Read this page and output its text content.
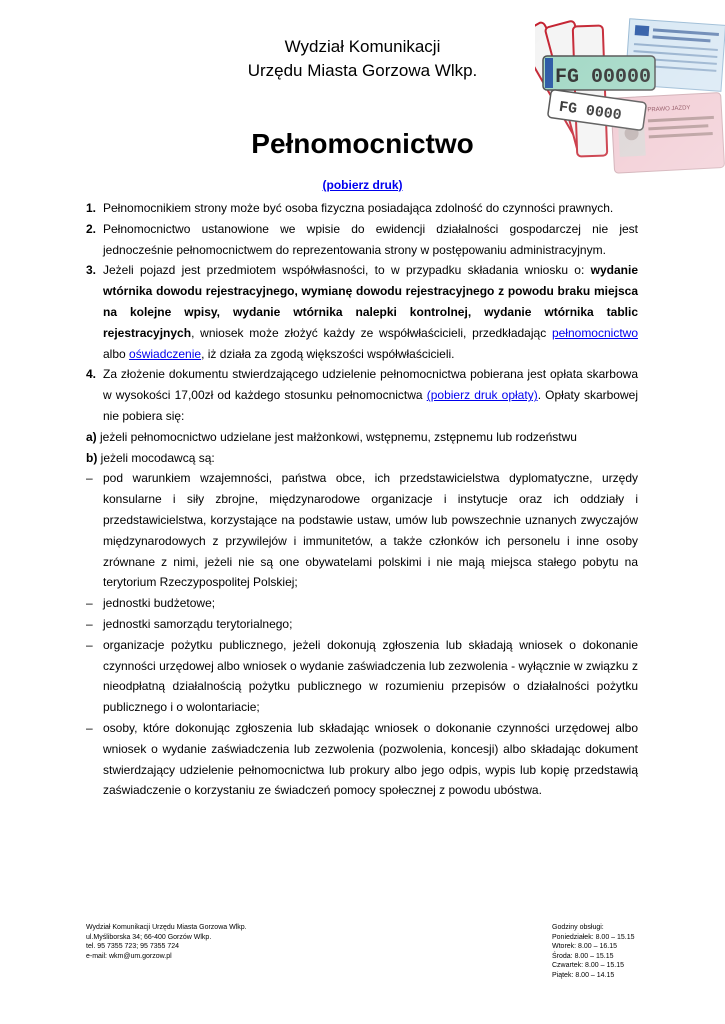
Wydział Komunikacji
Urzędu Miasta Gorzowa Wlkp.
Pełnomocnictwo
(pobierz druk)
1. Pełnomocnikiem strony może być osoba fizyczna posiadająca zdolność do czynności prawnych.
2. Pełnomocnictwo ustanowione we wpisie do ewidencji działalności gospodarczej nie jest jednocześnie pełnomocnictwem do reprezentowania strony w postępowaniu administracyjnym.
3. Jeżeli pojazd jest przedmiotem współwłasności, to w przypadku składania wniosku o: wydanie wtórnika dowodu rejestracyjnego, wymianę dowodu rejestracyjnego z powodu braku miejsca na kolejne wpisy, wydanie wtórnika nalepki kontrolnej, wydanie wtórnika tablic rejestracyjnych, wniosek może złożyć każdy ze współwłaścicieli, przedkładając pełnomocnictwo albo oświadczenie, iż działa za zgodą większości współwłaścicieli.
4. Za złożenie dokumentu stwierdzającego udzielenie pełnomocnictwa pobierana jest opłata skarbowa w wysokości 17,00zł od każdego stosunku pełnomocnictwa (pobierz druk opłaty). Opłaty skarbowej nie pobiera się:
a) jeżeli pełnomocnictwo udzielane jest małżonkowi, wstępnemu, zstępnemu lub rodzeństwu
b) jeżeli mocodawcą są:
– pod warunkiem wzajemności, państwa obce, ich przedstawicielstwa dyplomatyczne, urzędy konsularne i siły zbrojne, międzynarodowe organizacje i instytucje oraz ich oddziały i przedstawicielstwa, korzystające na podstawie ustaw, umów lub powszechnie uznanych zwyczajów międzynarodowych z przywilejów i immunitetów, a także członków ich personelu i inne osoby zrównane z nimi, jeżeli nie są one obywatelami polskimi i nie mają miejsca stałego pobytu na terytorium Rzeczypospolitej Polskiej;
– jednostki budżetowe;
– jednostki samorządu terytorialnego;
– organizacje pożytku publicznego, jeżeli dokonują zgłoszenia lub składają wniosek o dokonanie czynności urzędowej albo wniosek o wydanie zaświadczenia lub zezwolenia - wyłącznie w związku z nieodpłatną działalnością pożytku publicznego w rozumieniu przepisów o działalności pożytku publicznego i o wolontariacie;
– osoby, które dokonując zgłoszenia lub składając wniosek o dokonanie czynności urzędowej albo wniosek o wydanie zaświadczenia lub zezwolenia (pozwolenia, koncesji) albo składając dokument stwierdzający udzielenie pełnomocnictwa lub prokury albo jego odpis, wypis lub kopię przedstawią zaświadczenie o korzystaniu ze świadczeń pomocy społecznej z powodu ubóstwa.
Wydział Komunikacji Urzędu Miasta Gorzowa Wlkp.
ul.Myśliborska 34; 66-400 Gorzów Wlkp.
tel. 95 7355 723; 95 7355 724
e-mail: wkm@um.gorzow.pl
Godziny obsługi:
Poniedziałek: 8.00 – 15.15
Wtorek: 8.00 – 16.15
Środa: 8.00 – 15.15
Czwartek: 8.00 – 15.15
Piątek: 8.00 – 14.15
